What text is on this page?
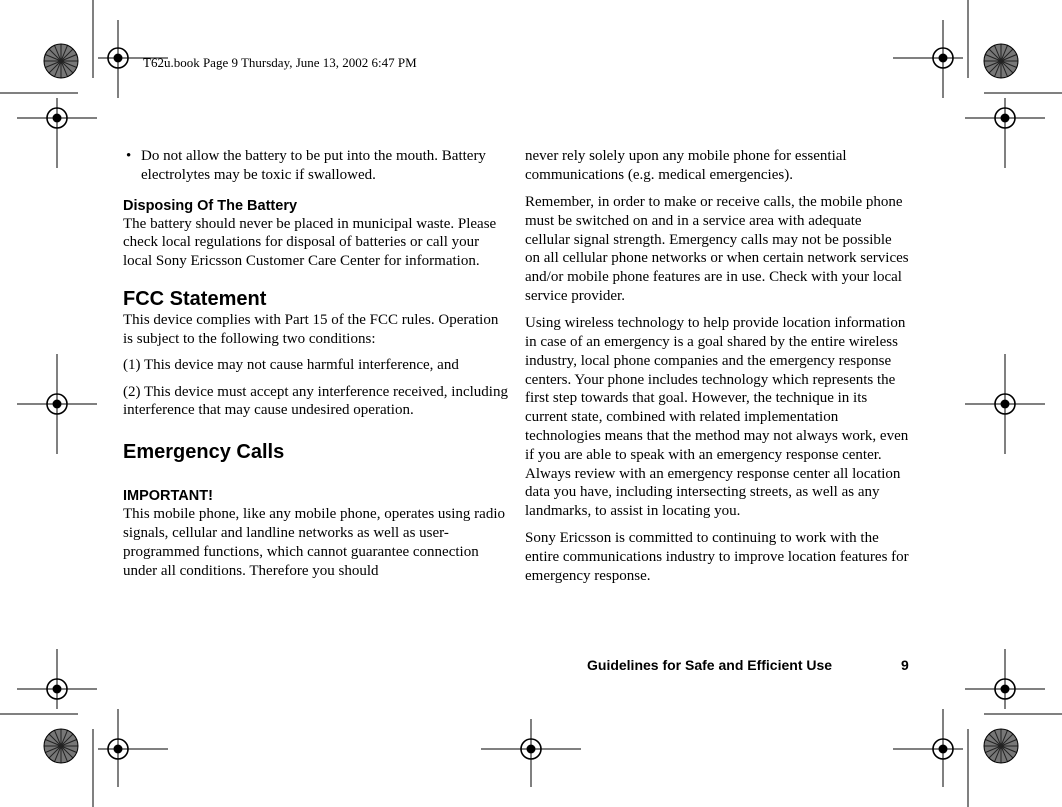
T62u.book Page 9 Thursday, June 13, 2002 6:47 PM

• Do not allow the battery to be put into the mouth. Battery electrolytes may be toxic if swallowed.

Disposing Of The Battery

The battery should never be placed in municipal waste. Please check local regulations for disposal of batteries or call your local Sony Ericsson Customer Care Center for information.

FCC Statement

This device complies with Part 15 of the FCC rules. Operation is subject to the following two conditions:

(1) This device may not cause harmful interference, and

(2) This device must accept any interference received, including interference that may cause undesired operation.

Emergency Calls
IMPORTANT!

This mobile phone, like any mobile phone, operates using radio signals, cellular and landline networks as well as user-programmed functions, which cannot guarantee connection under all conditions. Therefore you should

never rely solely upon any mobile phone for essential communications (e.g. medical emergencies).

Remember, in order to make or receive calls, the mobile phone must be switched on and in a service area with adequate cellular signal strength. Emergency calls may not be possible on all cellular phone networks or when certain network services and/or mobile phone features are in use. Check with your local service provider.

Using wireless technology to help provide location information in case of an emergency is a goal shared by the entire wireless industry, local phone companies and the emergency response centers. Your phone includes technology which represents the first step towards that goal. However, the technique in its current state, combined with related implementation technologies means that the method may not always work, even if you are able to speak with an emergency response center. Always review with an emergency response center all location data you have, including intersecting streets, as well as any landmarks, to assist in locating you.

Sony Ericsson is committed to continuing to work with the entire communications industry to improve location features for emergency response.

Guidelines for Safe and Efficient Use	9
